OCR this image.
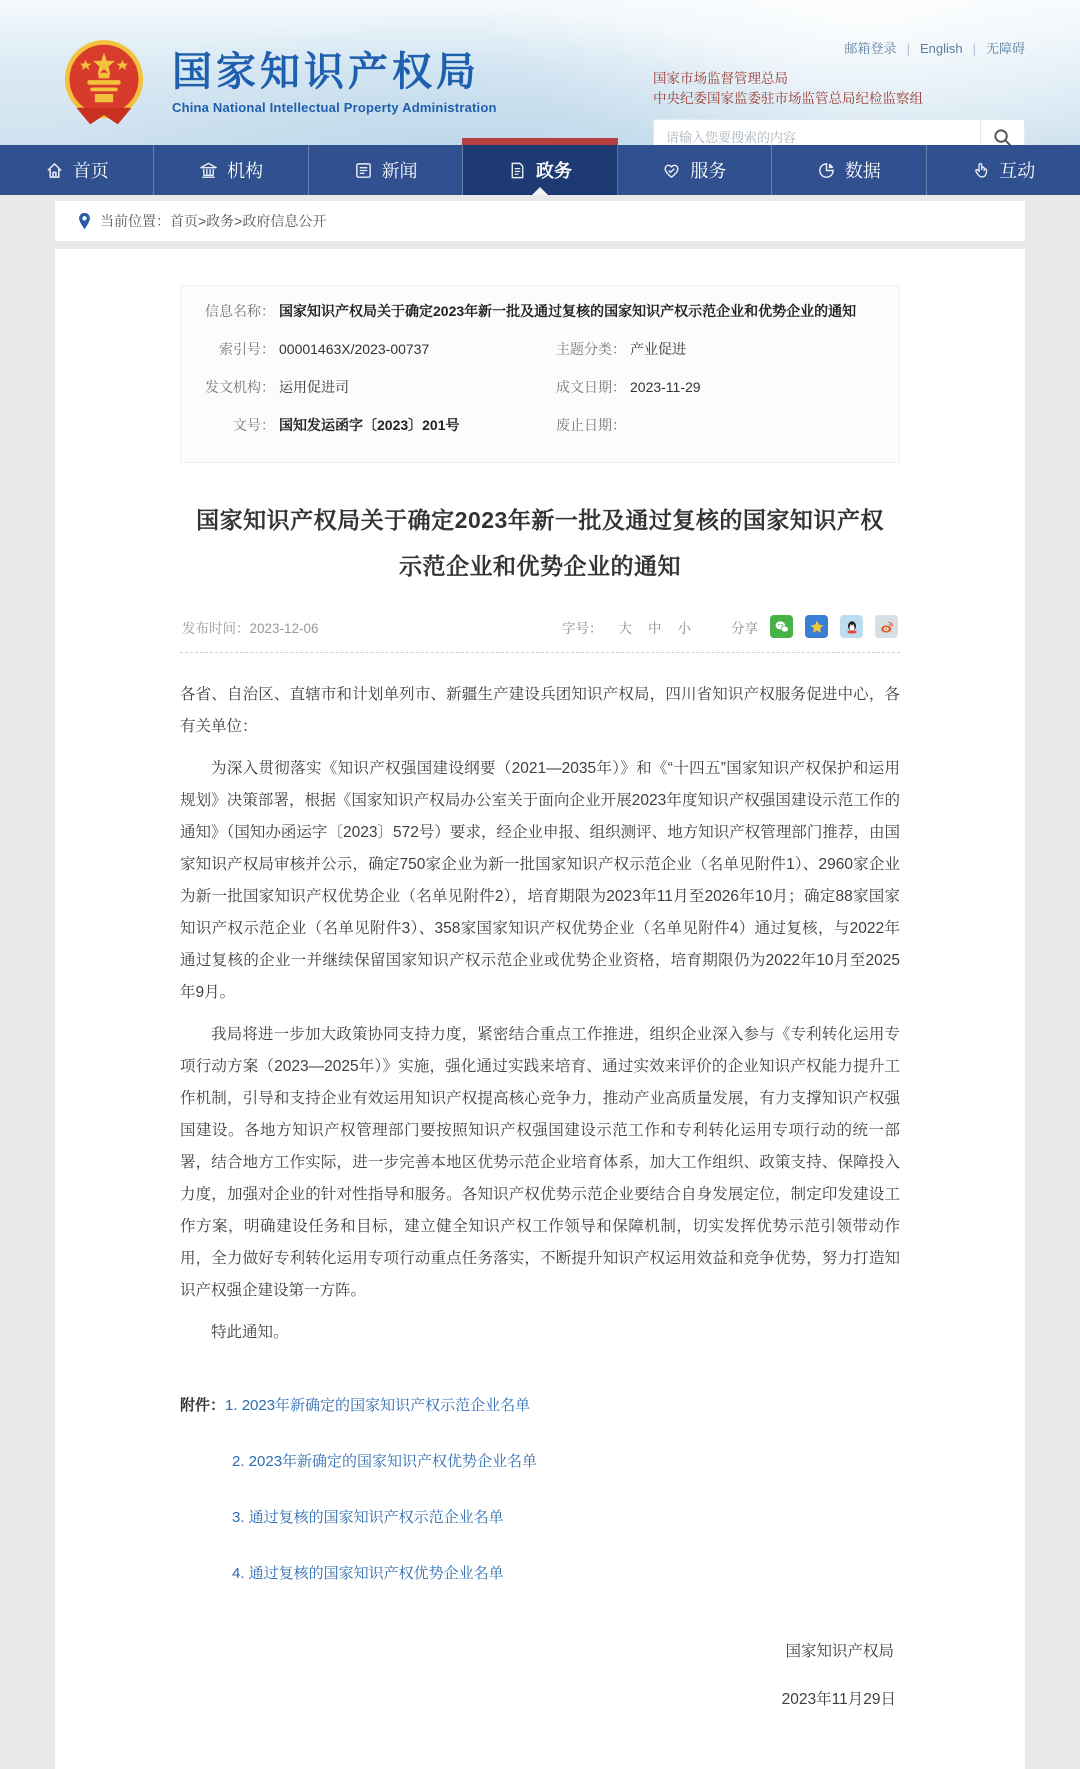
国家知识产权局
China National Intellectual Property Administration
邮箱登录 | English | 无障碍
国家市场监督管理总局
中央纪委国家监委驻市场监管总局纪检监察组
请输入您要搜索的内容
首页	机构	新闻	政务	服务	数据	互动
当前位置：首页>政务>政府信息公开
信息名称： 国家知识产权局关于确定2023年新一批及通过复核的国家知识产权示范企业和优势企业的通知
索引号： 00001463X/2023-00737	主题分类： 产业促进
发文机构： 运用促进司	成文日期： 2023-11-29
文号： 国知发运函字〔2023〕201号	废止日期：
国家知识产权局关于确定2023年新一批及通过复核的国家知识产权示范企业和优势企业的通知
发布时间：2023-12-06	字号： 大 中 小	分享

各省、自治区、直辖市和计划单列市、新疆生产建设兵团知识产权局，四川省知识产权服务促进中心，各有关单位：

为深入贯彻落实《知识产权强国建设纲要（2021—2035年）》和《“十四五”国家知识产权保护和运用规划》决策部署，根据《国家知识产权局办公室关于面向企业开展2023年度知识产权强国建设示范工作的通知》（国知办函运字〔2023〕572号）要求，经企业申报、组织测评、地方知识产权管理部门推荐，由国家知识产权局审核并公示，确定750家企业为新一批国家知识产权示范企业（名单见附件1）、2960家企业为新一批国家知识产权优势企业（名单见附件2），培育期限为2023年11月至2026年10月；确定88家国家知识产权示范企业（名单见附件3）、358家国家知识产权优势企业（名单见附件4）通过复核，与2022年通过复核的企业一并继续保留国家知识产权示范企业或优势企业资格，培育期限仍为2022年10月至2025年9月。

我局将进一步加大政策协同支持力度，紧密结合重点工作推进，组织企业深入参与《专利转化运用专项行动方案（2023—2025年）》实施，强化通过实践来培育、通过实效来评价的企业知识产权能力提升工作机制，引导和支持企业有效运用知识产权提高核心竞争力，推动产业高质量发展，有力支撑知识产权强国建设。各地方知识产权管理部门要按照知识产权强国建设示范工作和专利转化运用专项行动的统一部署，结合地方工作实际，进一步完善本地区优势示范企业培育体系，加大工作组织、政策支持、保障投入力度，加强对企业的针对性指导和服务。各知识产权优势示范企业要结合自身发展定位，制定印发建设工作方案，明确建设任务和目标，建立健全知识产权工作领导和保障机制，切实发挥优势示范引领带动作用，全力做好专利转化运用专项行动重点任务落实，不断提升知识产权运用效益和竞争优势，努力打造知识产权强企建设第一方阵。

特此通知。

附件： 1. 2023年新确定的国家知识产权示范企业名单
2. 2023年新确定的国家知识产权优势企业名单
3. 通过复核的国家知识产权示范企业名单
4. 通过复核的国家知识产权优势企业名单
国家知识产权局
2023年11月29日
